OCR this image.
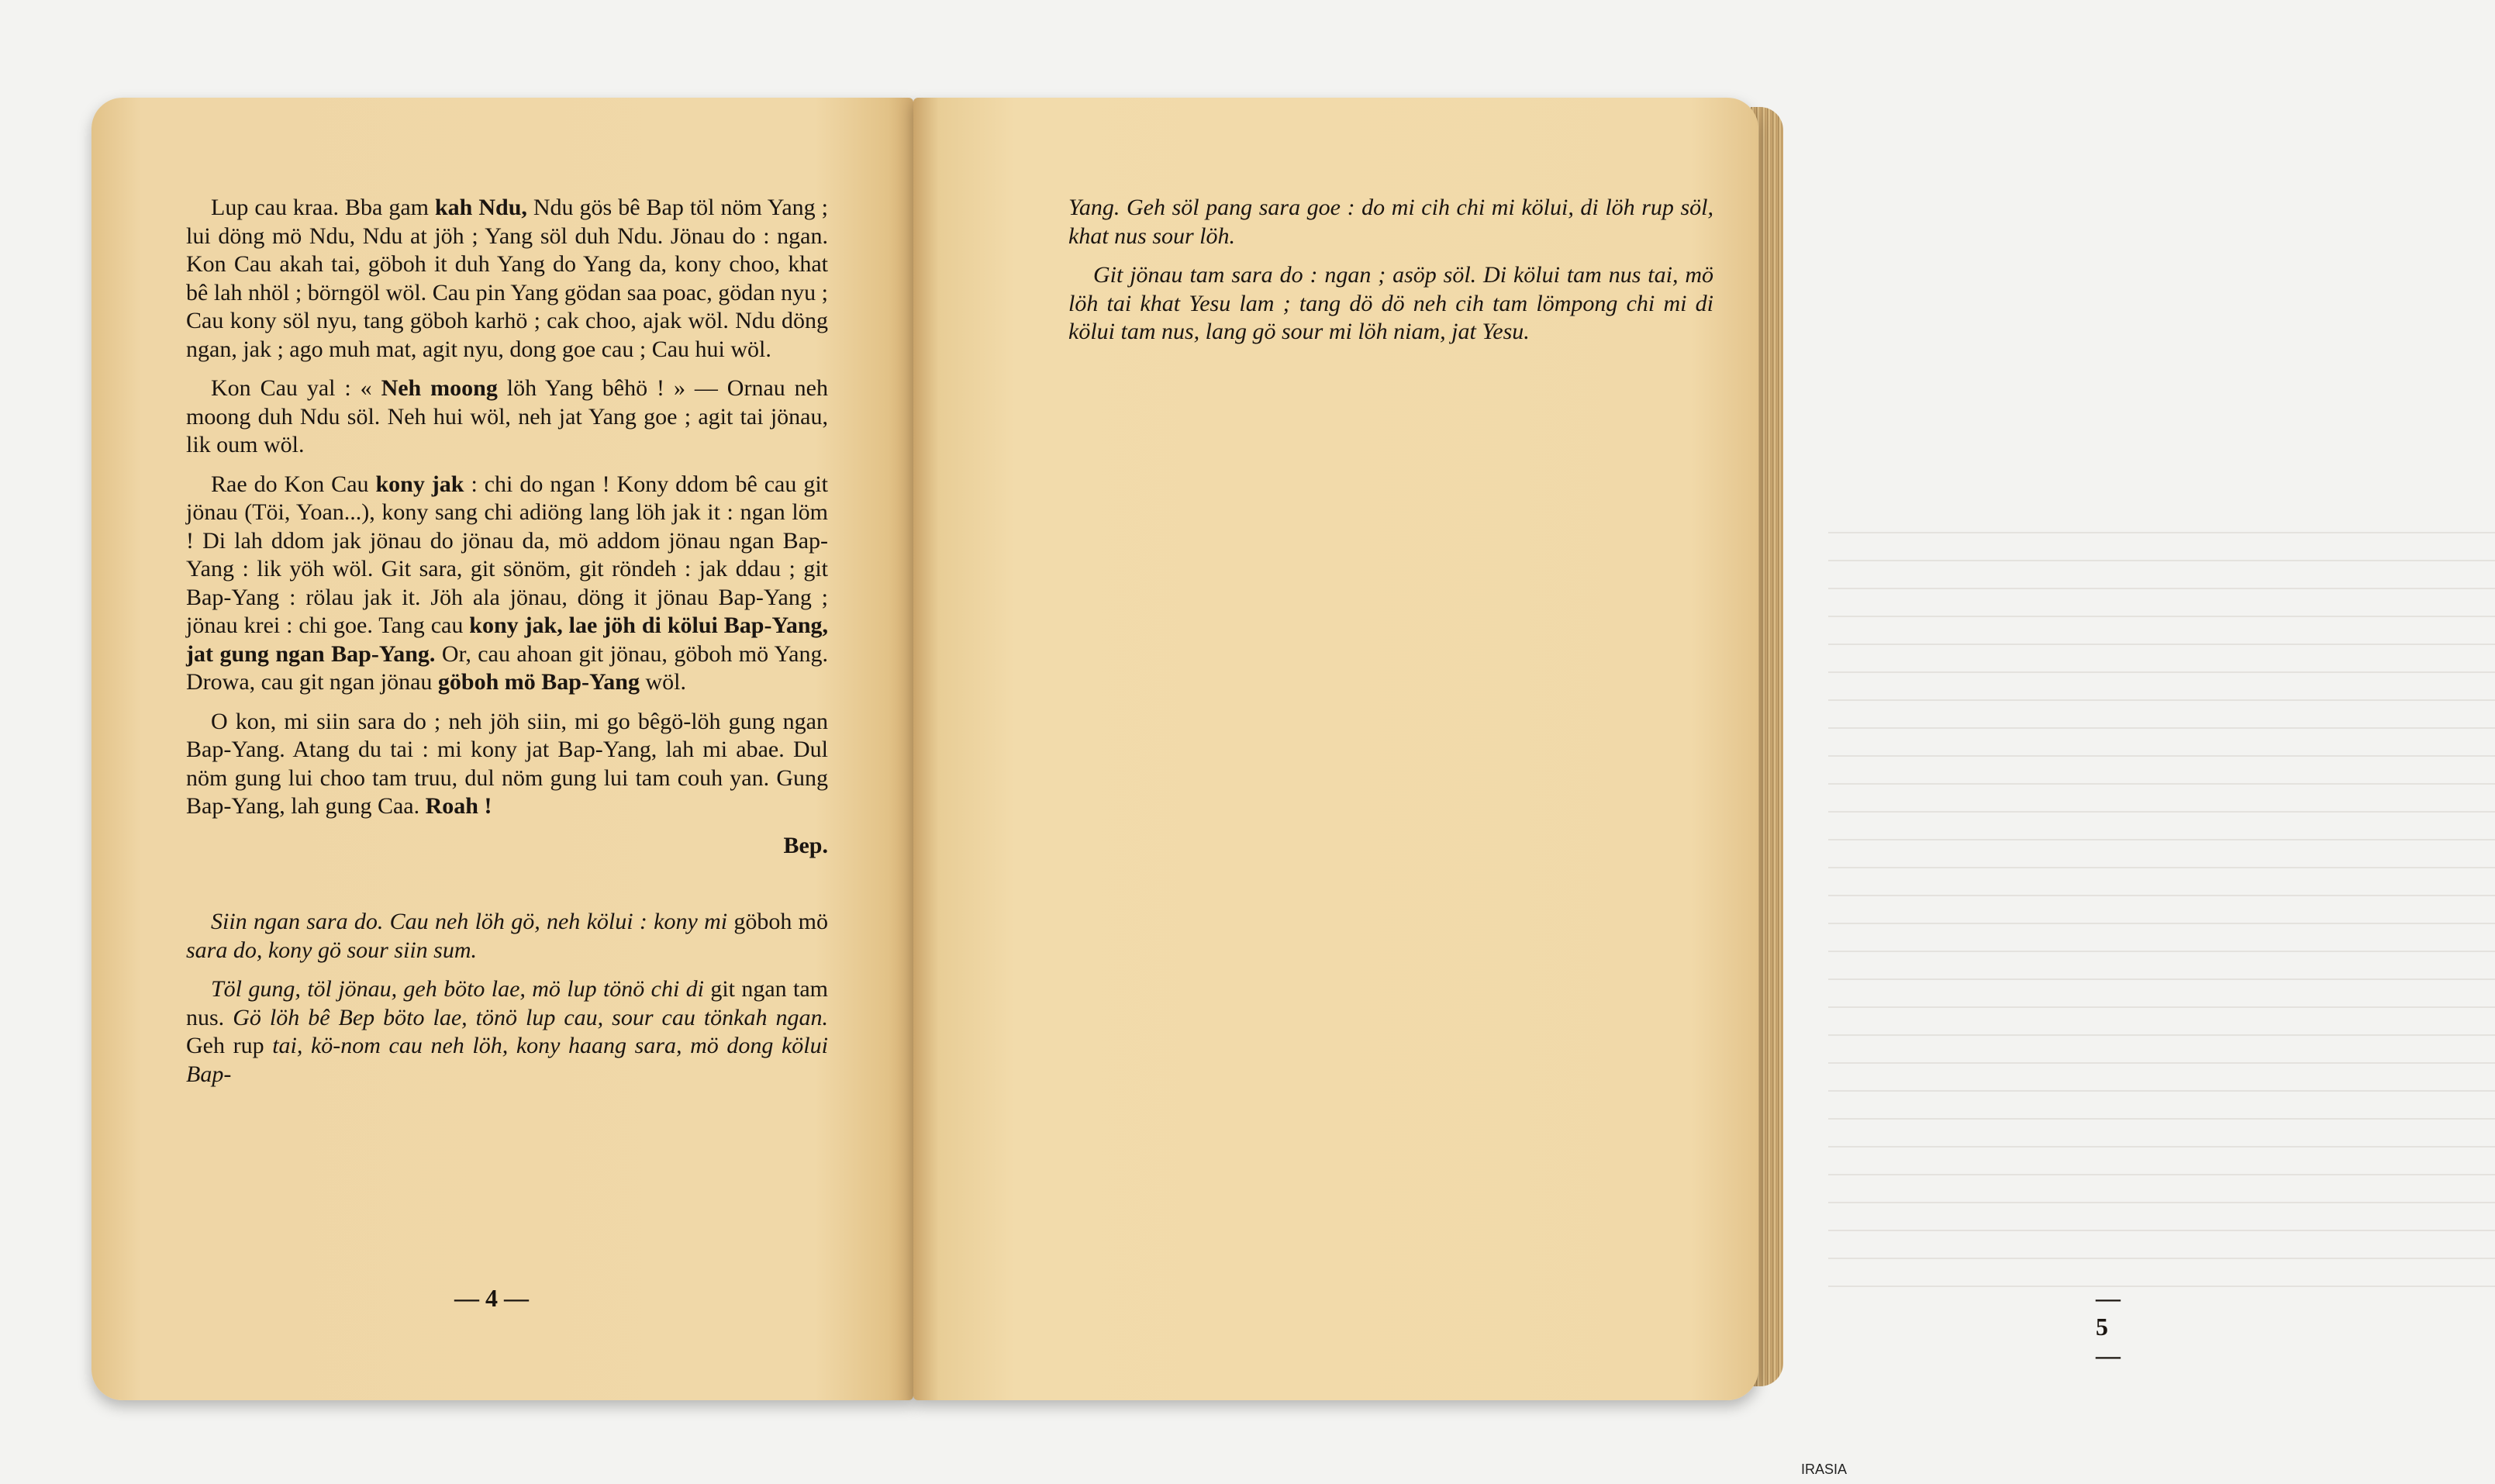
Lup cau kraa. Bba gam kah Ndu, Ndu gös bê Bap töl nöm Yang ; lui döng mö Ndu, Ndu at jöh ; Yang söl duh Ndu. Jönau do : ngan. Kon Cau akah tai, göboh it duh Yang do Yang da, kony choo, khat bê lah nhöl ; börngöl wöl. Cau pin Yang gödan saa poac, gödan nyu ; Cau kony söl nyu, tang göboh karhö ; cak choo, ajak wöl. Ndu döng ngan, jak ; ago muh mat, agit nyu, dong goe cau ; Cau hui wöl.

Kon Cau yal : « Neh moong löh Yang bêhö ! » — Ornau neh moong duh Ndu söl. Neh hui wöl, neh jat Yang goe ; agit tai jönau, lik oum wöl.

Rae do Kon Cau kony jak : chi do ngan ! Kony ddom bê cau git jönau (Töi, Yoan...), kony sang chi adiöng lang löh jak it : ngan löm ! Di lah ddom jak jönau do jönau da, mö addom jönau ngan Bap-Yang : lik yöh wöl. Git sara, git sönöm, git röndeh : jak ddau ; git Bap-Yang : rölau jak it. Jöh ala jönau, döng it jönau Bap-Yang ; jönau krei : chi goe. Tang cau kony jak, lae jöh di kölui Bap-Yang, jat gung ngan Bap-Yang. Or, cau ahoan git jönau, göboh mö Yang. Drowa, cau git ngan jönau göboh mö Bap-Yang wöl.

O kon, mi siin sara do ; neh jöh siin, mi go bêgö-löh gung ngan Bap-Yang. Atang du tai : mi kony jat Bap-Yang, lah mi abae. Dul nöm gung lui choo tam truu, dul nöm gung lui tam couh yan. Gung Bap-Yang, lah gung Caa. Roah !

Bep.

Siin ngan sara do. Cau neh löh gö, neh kölui : kony mi göboh mö sara do, kony gö sour siin sum.

Töl gung, töl jönau, geh böto lae, mö lup tönö chi di git ngan tam nus. Gö löh bê Bep böto lae, tönö lup cau, sour cau tönkah ngan. Geh rup tai, kö-nom cau neh löh, kony haang sara, mö dong kölui Bap-

— 4 —

Yang. Geh söl pang sara goe : do mi cih chi mi kölui, di löh rup söl, khat nus sour löh.

Git jönau tam sara do : ngan ; asöp söl. Di kölui tam nus tai, mö löh tai khat Yesu lam ; tang dö dö neh cih tam lömpong chi mi di kölui tam nus, lang gö sour mi löh niam, jat Yesu.

— 5 —
IRASIA
